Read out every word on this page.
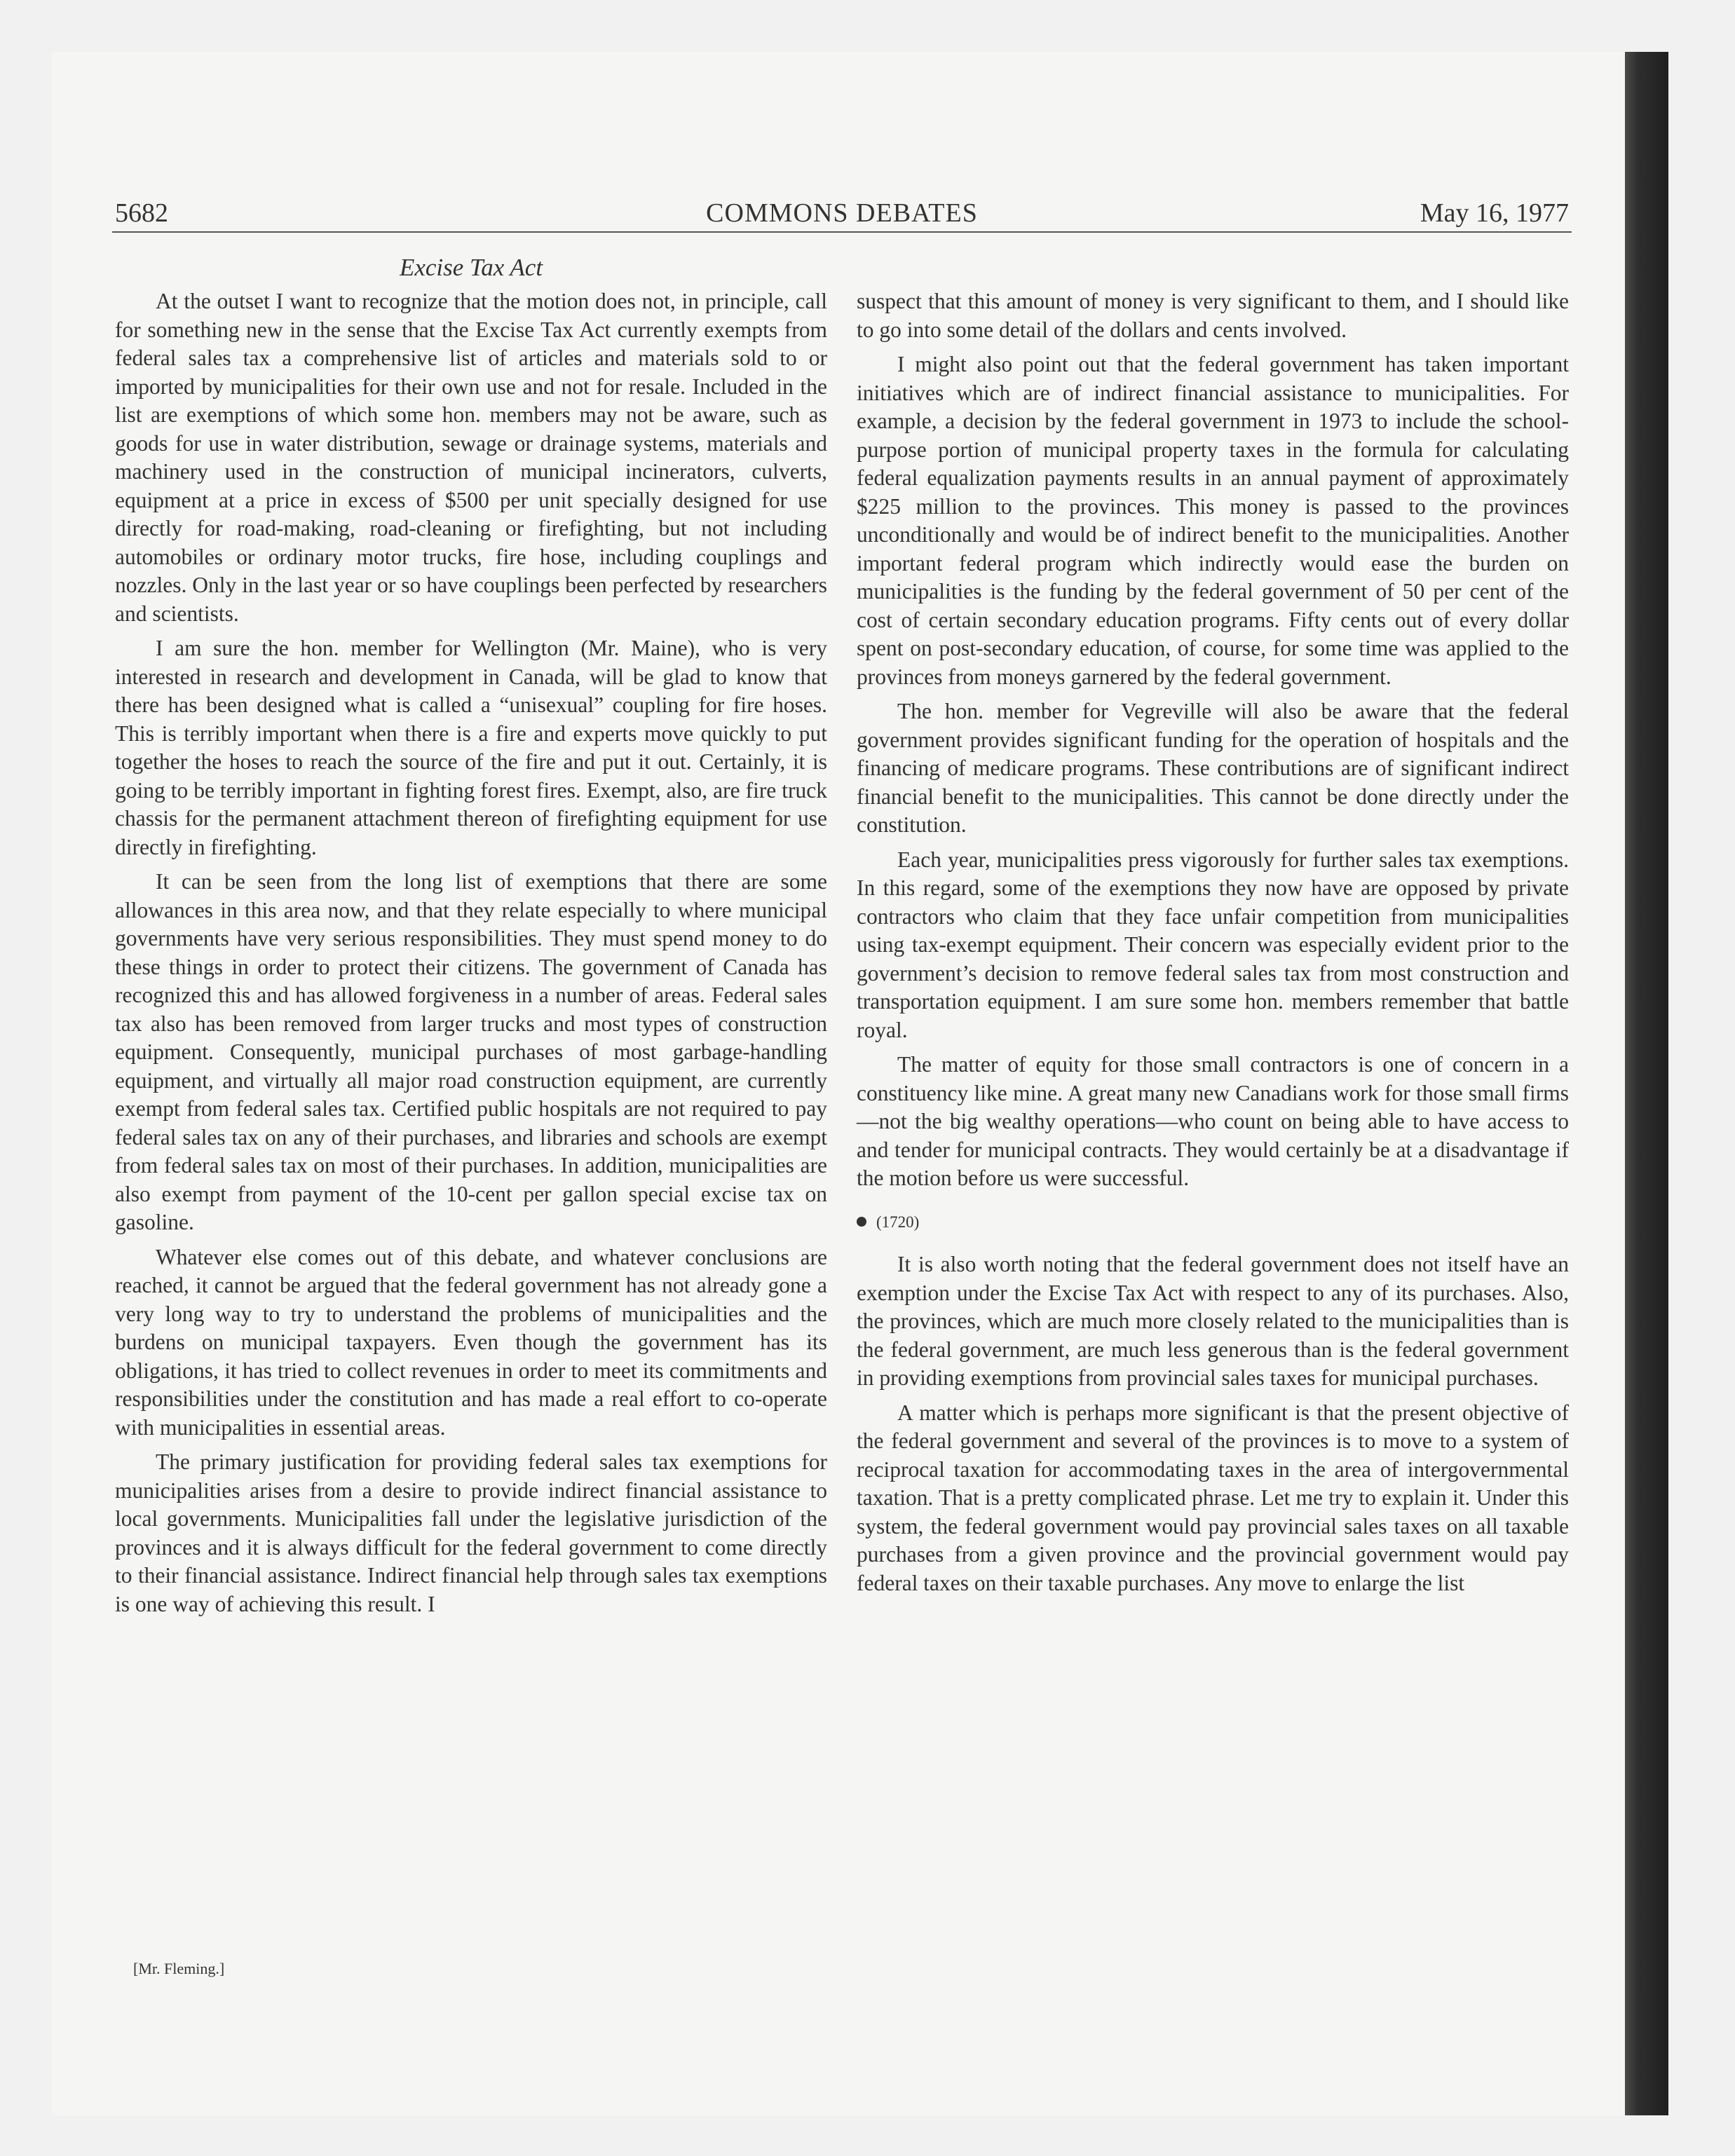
5682	COMMONS DEBATES	May 16, 1977
Excise Tax Act

At the outset I want to recognize that the motion does not, in principle, call for something new in the sense that the Excise Tax Act currently exempts from federal sales tax a comprehensive list of articles and materials sold to or imported by municipalities for their own use and not for resale. Included in the list are exemptions of which some hon. members may not be aware, such as goods for use in water distribution, sewage or drainage systems, materials and machinery used in the construction of municipal incinerators, culverts, equipment at a price in excess of $500 per unit specially designed for use directly for road-making, road-cleaning or firefighting, but not including automobiles or ordinary motor trucks, fire hose, including couplings and nozzles. Only in the last year or so have couplings been perfected by researchers and scientists.

I am sure the hon. member for Wellington (Mr. Maine), who is very interested in research and development in Canada, will be glad to know that there has been designed what is called a “unisexual” coupling for fire hoses. This is terribly important when there is a fire and experts move quickly to put together the hoses to reach the source of the fire and put it out. Certainly, it is going to be terribly important in fighting forest fires. Exempt, also, are fire truck chassis for the permanent attachment thereon of firefighting equipment for use directly in firefighting.

It can be seen from the long list of exemptions that there are some allowances in this area now, and that they relate especially to where municipal governments have very serious responsibilities. They must spend money to do these things in order to protect their citizens. The government of Canada has recognized this and has allowed forgiveness in a number of areas. Federal sales tax also has been removed from larger trucks and most types of construction equipment. Consequently, municipal purchases of most garbage-handling equipment, and virtually all major road construction equipment, are currently exempt from federal sales tax. Certified public hospitals are not required to pay federal sales tax on any of their purchases, and libraries and schools are exempt from federal sales tax on most of their purchases. In addition, municipalities are also exempt from payment of the 10-cent per gallon special excise tax on gasoline.

Whatever else comes out of this debate, and whatever conclusions are reached, it cannot be argued that the federal government has not already gone a very long way to try to understand the problems of municipalities and the burdens on municipal taxpayers. Even though the government has its obligations, it has tried to collect revenues in order to meet its commitments and responsibilities under the constitution and has made a real effort to co-operate with municipalities in essential areas.

The primary justification for providing federal sales tax exemptions for municipalities arises from a desire to provide indirect financial assistance to local governments. Municipalities fall under the legislative jurisdiction of the provinces and it is always difficult for the federal government to come directly to their financial assistance. Indirect financial help through sales tax exemptions is one way of achieving this result. I

[Mr. Fleming.]

suspect that this amount of money is very significant to them, and I should like to go into some detail of the dollars and cents involved.

I might also point out that the federal government has taken important initiatives which are of indirect financial assistance to municipalities. For example, a decision by the federal government in 1973 to include the school-purpose portion of municipal property taxes in the formula for calculating federal equalization payments results in an annual payment of approximately $225 million to the provinces. This money is passed to the provinces unconditionally and would be of indirect benefit to the municipalities. Another important federal program which indirectly would ease the burden on municipalities is the funding by the federal government of 50 per cent of the cost of certain secondary education programs. Fifty cents out of every dollar spent on post-secondary education, of course, for some time was applied to the provinces from moneys garnered by the federal government.

The hon. member for Vegreville will also be aware that the federal government provides significant funding for the operation of hospitals and the financing of medicare programs. These contributions are of significant indirect financial benefit to the municipalities. This cannot be done directly under the constitution.

Each year, municipalities press vigorously for further sales tax exemptions. In this regard, some of the exemptions they now have are opposed by private contractors who claim that they face unfair competition from municipalities using tax-exempt equipment. Their concern was especially evident prior to the government’s decision to remove federal sales tax from most construction and transportation equipment. I am sure some hon. members remember that battle royal.

The matter of equity for those small contractors is one of concern in a constituency like mine. A great many new Canadians work for those small firms—not the big wealthy operations—who count on being able to have access to and tender for municipal contracts. They would certainly be at a disadvantage if the motion before us were successful.

(1720)

It is also worth noting that the federal government does not itself have an exemption under the Excise Tax Act with respect to any of its purchases. Also, the provinces, which are much more closely related to the municipalities than is the federal government, are much less generous than is the federal government in providing exemptions from provincial sales taxes for municipal purchases.

A matter which is perhaps more significant is that the present objective of the federal government and several of the provinces is to move to a system of reciprocal taxation for accommodating taxes in the area of intergovernmental taxation. That is a pretty complicated phrase. Let me try to explain it. Under this system, the federal government would pay provincial sales taxes on all taxable purchases from a given province and the provincial government would pay federal taxes on their taxable purchases. Any move to enlarge the list
